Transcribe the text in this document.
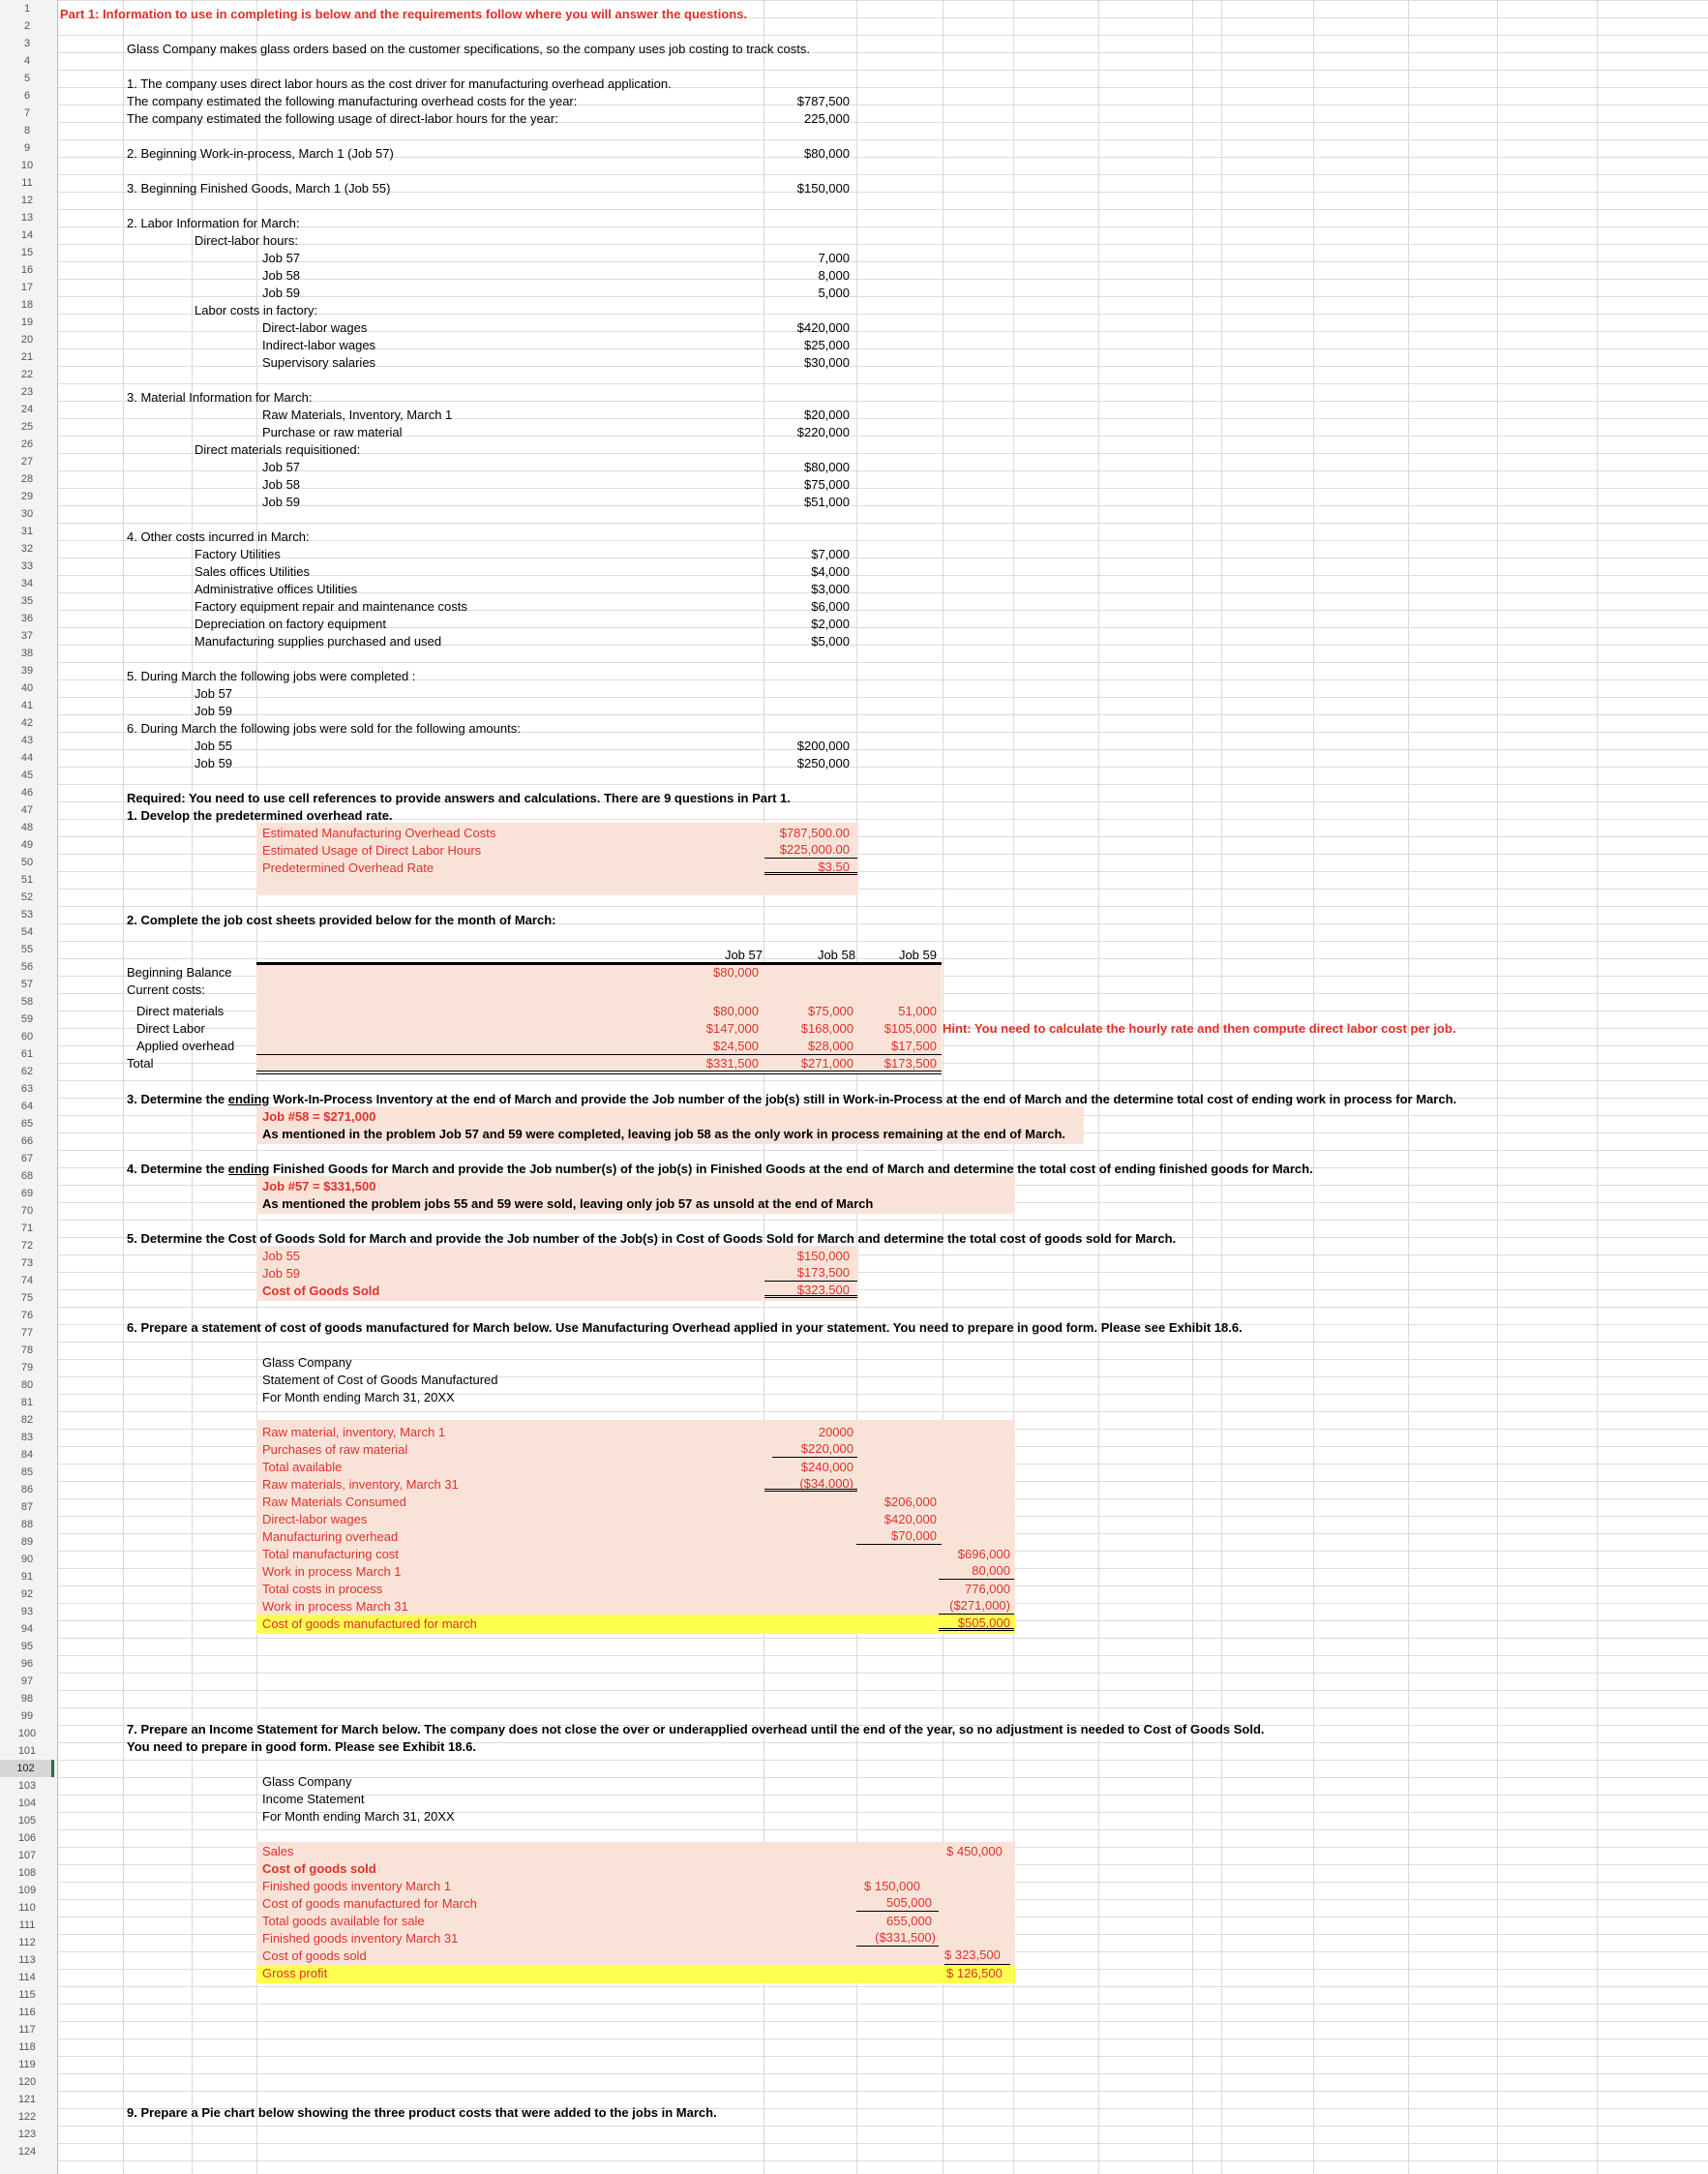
1
2
3
4
5
6
7
8
9
10
11
12
13
14
15
16
17
18
19
20
21
22
23
24
25
26
27
28
29
30
31
32
33
34
35
36
37
38
39
40
41
42
43
44
45
46
47
48
49
50
51
52
53
54
55
56
57
58
59
60
61
62
63
64
65
66
67
68
69
70
71
72
73
74
75
76
77
78
79
80
81
82
83
84
85
86
87
88
89
90
91
92
93
94
95
96
97
98
99
100
101
102
103
104
105
106
107
108
109
110
111
112
113
114
115
116
117
118
119
120
121
122
123
124
Part 1: Information to use in completing is below and the requirements follow where you will answer the questions.
Glass Company makes glass orders based on the customer specifications, so the company uses job costing to track costs.
1. The company uses direct labor hours as the cost driver for manufacturing overhead application.
The company estimated the following manufacturing overhead costs for the year:	$787,500
The company estimated the following usage of direct-labor hours for the year:	225,000
2. Beginning Work-in-process, March 1 (Job 57)	$80,000
3. Beginning Finished Goods, March 1 (Job 55)	$150,000
2. Labor Information for March:
Direct-labor hours:
Job 57	7,000
Job 58	8,000
Job 59	5,000
Labor costs in factory:
Direct-labor wages	$420,000
Indirect-labor wages	$25,000
Supervisory salaries	$30,000
3. Material Information for March:
Raw Materials, Inventory, March 1	$20,000
Purchase or raw material	$220,000
Direct materials requisitioned:
Job 57	$80,000
Job 58	$75,000
Job 59	$51,000
4. Other costs incurred in March:
Factory Utilities	$7,000
Sales offices Utilities	$4,000
Administrative offices Utilities	$3,000
Factory equipment repair and maintenance costs	$6,000
Depreciation on factory equipment	$2,000
Manufacturing supplies purchased and used	$5,000
5. During March the following jobs were completed :
Job 57
Job 59
6. During March the following jobs were sold for the following amounts:
Job 55	$200,000
Job 59	$250,000
Required: You need to use cell references to provide answers and calculations. There are 9 questions in Part 1.
1. Develop the predetermined overhead rate.
Estimated Manufacturing Overhead Costs	$787,500.00
Estimated Usage of Direct Labor Hours	$225,000.00
Predetermined Overhead Rate	$3.50
2. Complete the job cost sheets provided below for the month of March:
Job 57	Job 58	Job 59
Beginning Balance	$80,000
Current costs:
Direct materials	$80,000	$75,000	51,000
Direct Labor	$147,000	$168,000	$105,000 Hint: You need to calculate the hourly rate and then compute direct labor cost per job.
Applied overhead	$24,500	$28,000	$17,500
Total	$331,500	$271,000	$173,500
3. Determine the ending Work-In-Process Inventory at the end of March and provide the Job number of the job(s) still in Work-in-Process at the end of March and the determine total cost of ending work in process for March.
Job #58 = $271,000
As mentioned in the problem Job 57 and 59 were completed, leaving job 58 as the only work in process remaining at the end of March.
4. Determine the ending Finished Goods for March and provide the Job number(s) of the job(s) in Finished Goods at the end of March and determine the total cost of ending finished goods for March.
Job #57 = $331,500
As mentioned the problem jobs 55 and 59 were sold, leaving only job 57 as unsold at the end of March
5. Determine the Cost of Goods Sold for March and provide the Job number of the Job(s) in Cost of Goods Sold for March and determine the total cost of goods sold for March.
Job 55	$150,000
Job 59	$173,500
Cost of Goods Sold	$323,500
6. Prepare a statement of cost of goods manufactured for March below. Use Manufacturing Overhead applied in your statement. You need to prepare in good form. Please see Exhibit 18.6.
Glass Company
Statement of Cost of Goods Manufactured
For Month ending March 31, 20XX
Raw material, inventory, March 1	20000
Purchases of raw material	$220,000
Total available	$240,000
Raw materials, inventory, March 31	($34,000)
Raw Materials Consumed	$206,000
Direct-labor wages	$420,000
Manufacturing overhead	$70,000
Total manufacturing cost	$696,000
Work in process March 1	80,000
Total costs in process	776,000
Work in process March 31	($271,000)
Cost of goods manufactured for march	$505,000
7. Prepare an Income Statement for March below. The company does not close the over or underapplied overhead until the end of the year, so no adjustment is needed to Cost of Goods Sold.
You need to prepare in good form. Please see Exhibit 18.6.
Glass Company
Income Statement
For Month ending March 31, 20XX
Sales	$ 450,000
Cost of goods sold
Finished goods inventory March 1	$ 150,000
Cost of goods manufactured for March	505,000
Total goods available for sale	655,000
Finished goods inventory March 31	($331,500)
Cost of goods sold	$ 323,500
Gross profit	$ 126,500
9. Prepare a Pie chart below showing the three product costs that were added to the jobs in March.
